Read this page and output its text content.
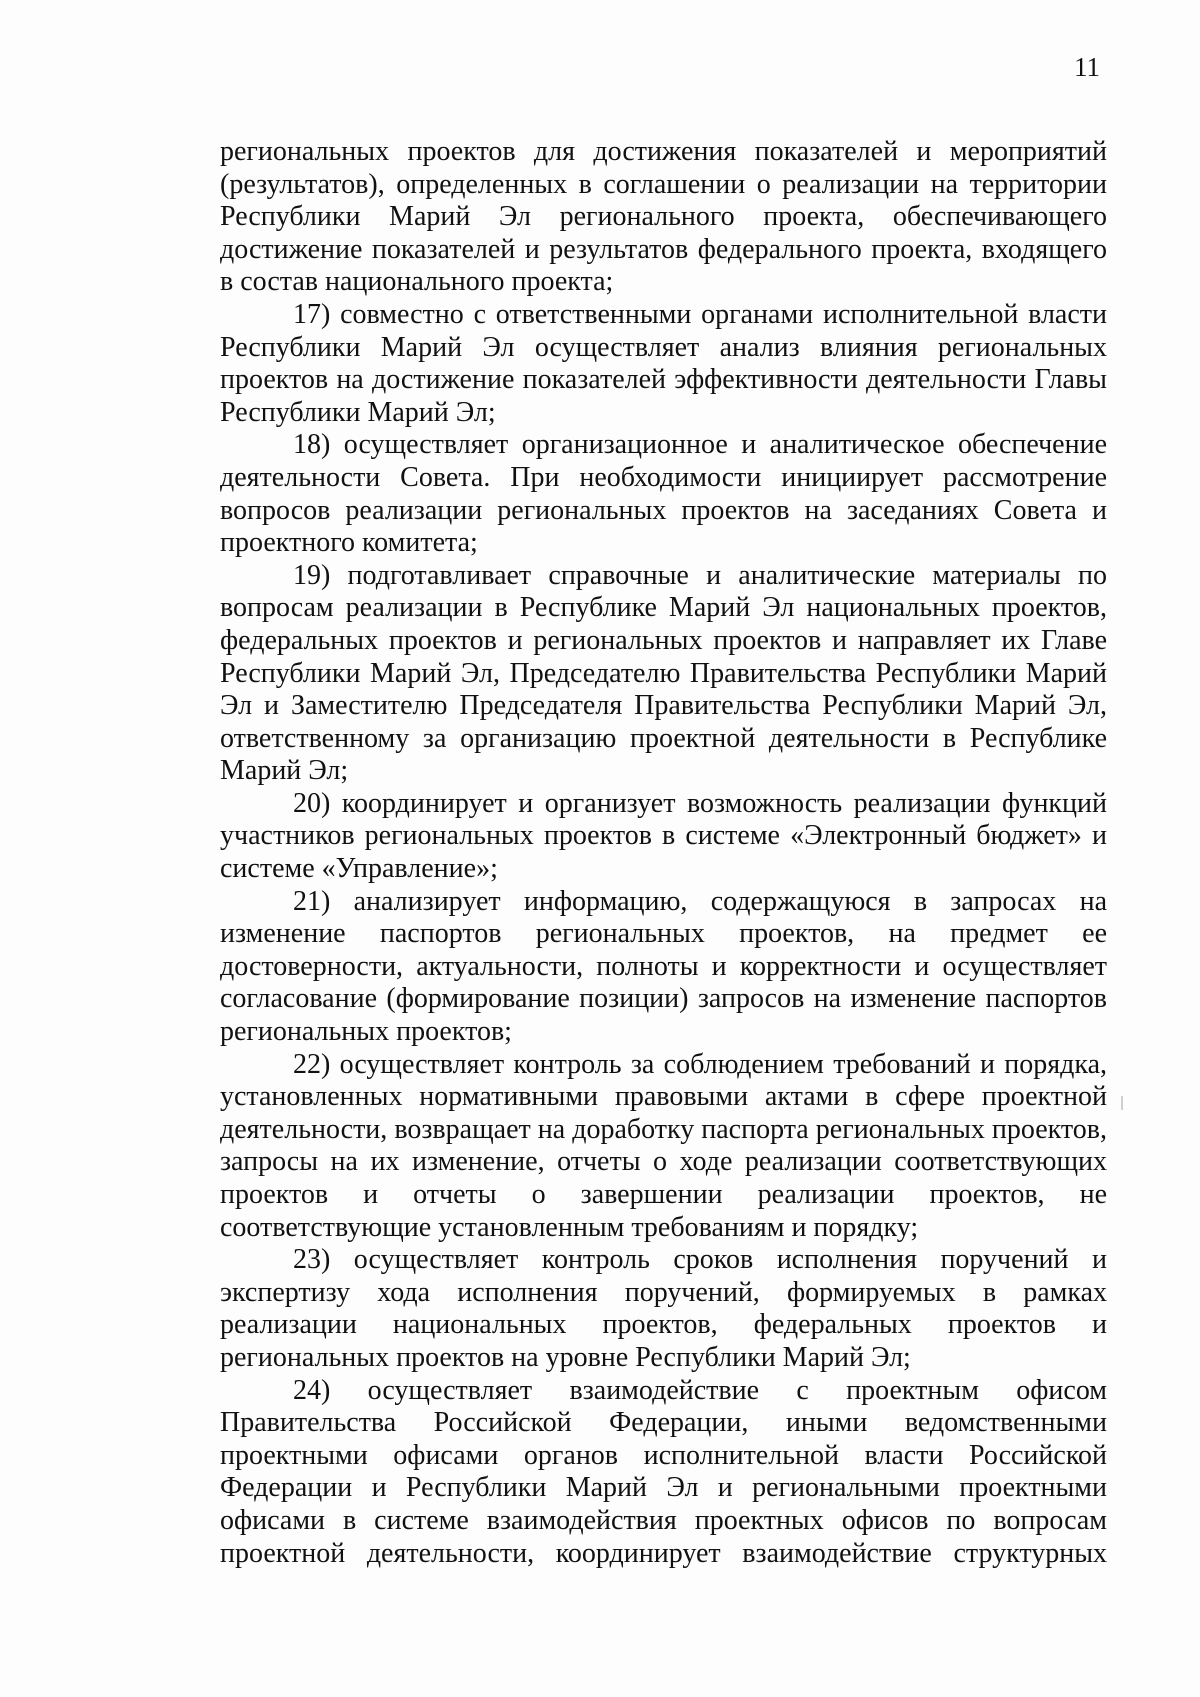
11

региональных проектов для достижения показателей и мероприятий (результатов), определенных в соглашении о реализации на территории Республики Марий Эл регионального проекта, обеспечивающего достижение показателей и результатов федерального проекта, входящего в состав национального проекта;

17) совместно с ответственными органами исполнительной власти Республики Марий Эл осуществляет анализ влияния региональных проектов на достижение показателей эффективности деятельности Главы Республики Марий Эл;

18) осуществляет организационное и аналитическое обеспечение деятельности Совета. При необходимости инициирует рассмотрение вопросов реализации региональных проектов на заседаниях Совета и проектного комитета;

19) подготавливает справочные и аналитические материалы по вопросам реализации в Республике Марий Эл национальных проектов, федеральных проектов и региональных проектов и направляет их Главе Республики Марий Эл, Председателю Правительства Республики Марий Эл и Заместителю Председателя Правительства Республики Марий Эл, ответственному за организацию проектной деятельности в Республике Марий Эл;

20) координирует и организует возможность реализации функций участников региональных проектов в системе «Электронный бюджет» и системе «Управление»;

21) анализирует информацию, содержащуюся в запросах на изменение паспортов региональных проектов, на предмет ее достоверности, актуальности, полноты и корректности и осуществляет согласование (формирование позиции) запросов на изменение паспортов региональных проектов;

22) осуществляет контроль за соблюдением требований и порядка, установленных нормативными правовыми актами в сфере проектной деятельности, возвращает на доработку паспорта региональных проектов, запросы на их изменение, отчеты о ходе реализации соответствующих проектов и отчеты о завершении реализации проектов, не соответствующие установленным требованиям и порядку;

23) осуществляет контроль сроков исполнения поручений и экспертизу хода исполнения поручений, формируемых в рамках реализации национальных проектов, федеральных проектов и региональных проектов на уровне Республики Марий Эл;

24) осуществляет взаимодействие с проектным офисом Правительства Российской Федерации, иными ведомственными проектными офисами органов исполнительной власти Российской Федерации и Республики Марий Эл и региональными проектными офисами в системе взаимодействия проектных офисов по вопросам проектной деятельности, координирует взаимодействие структурных
